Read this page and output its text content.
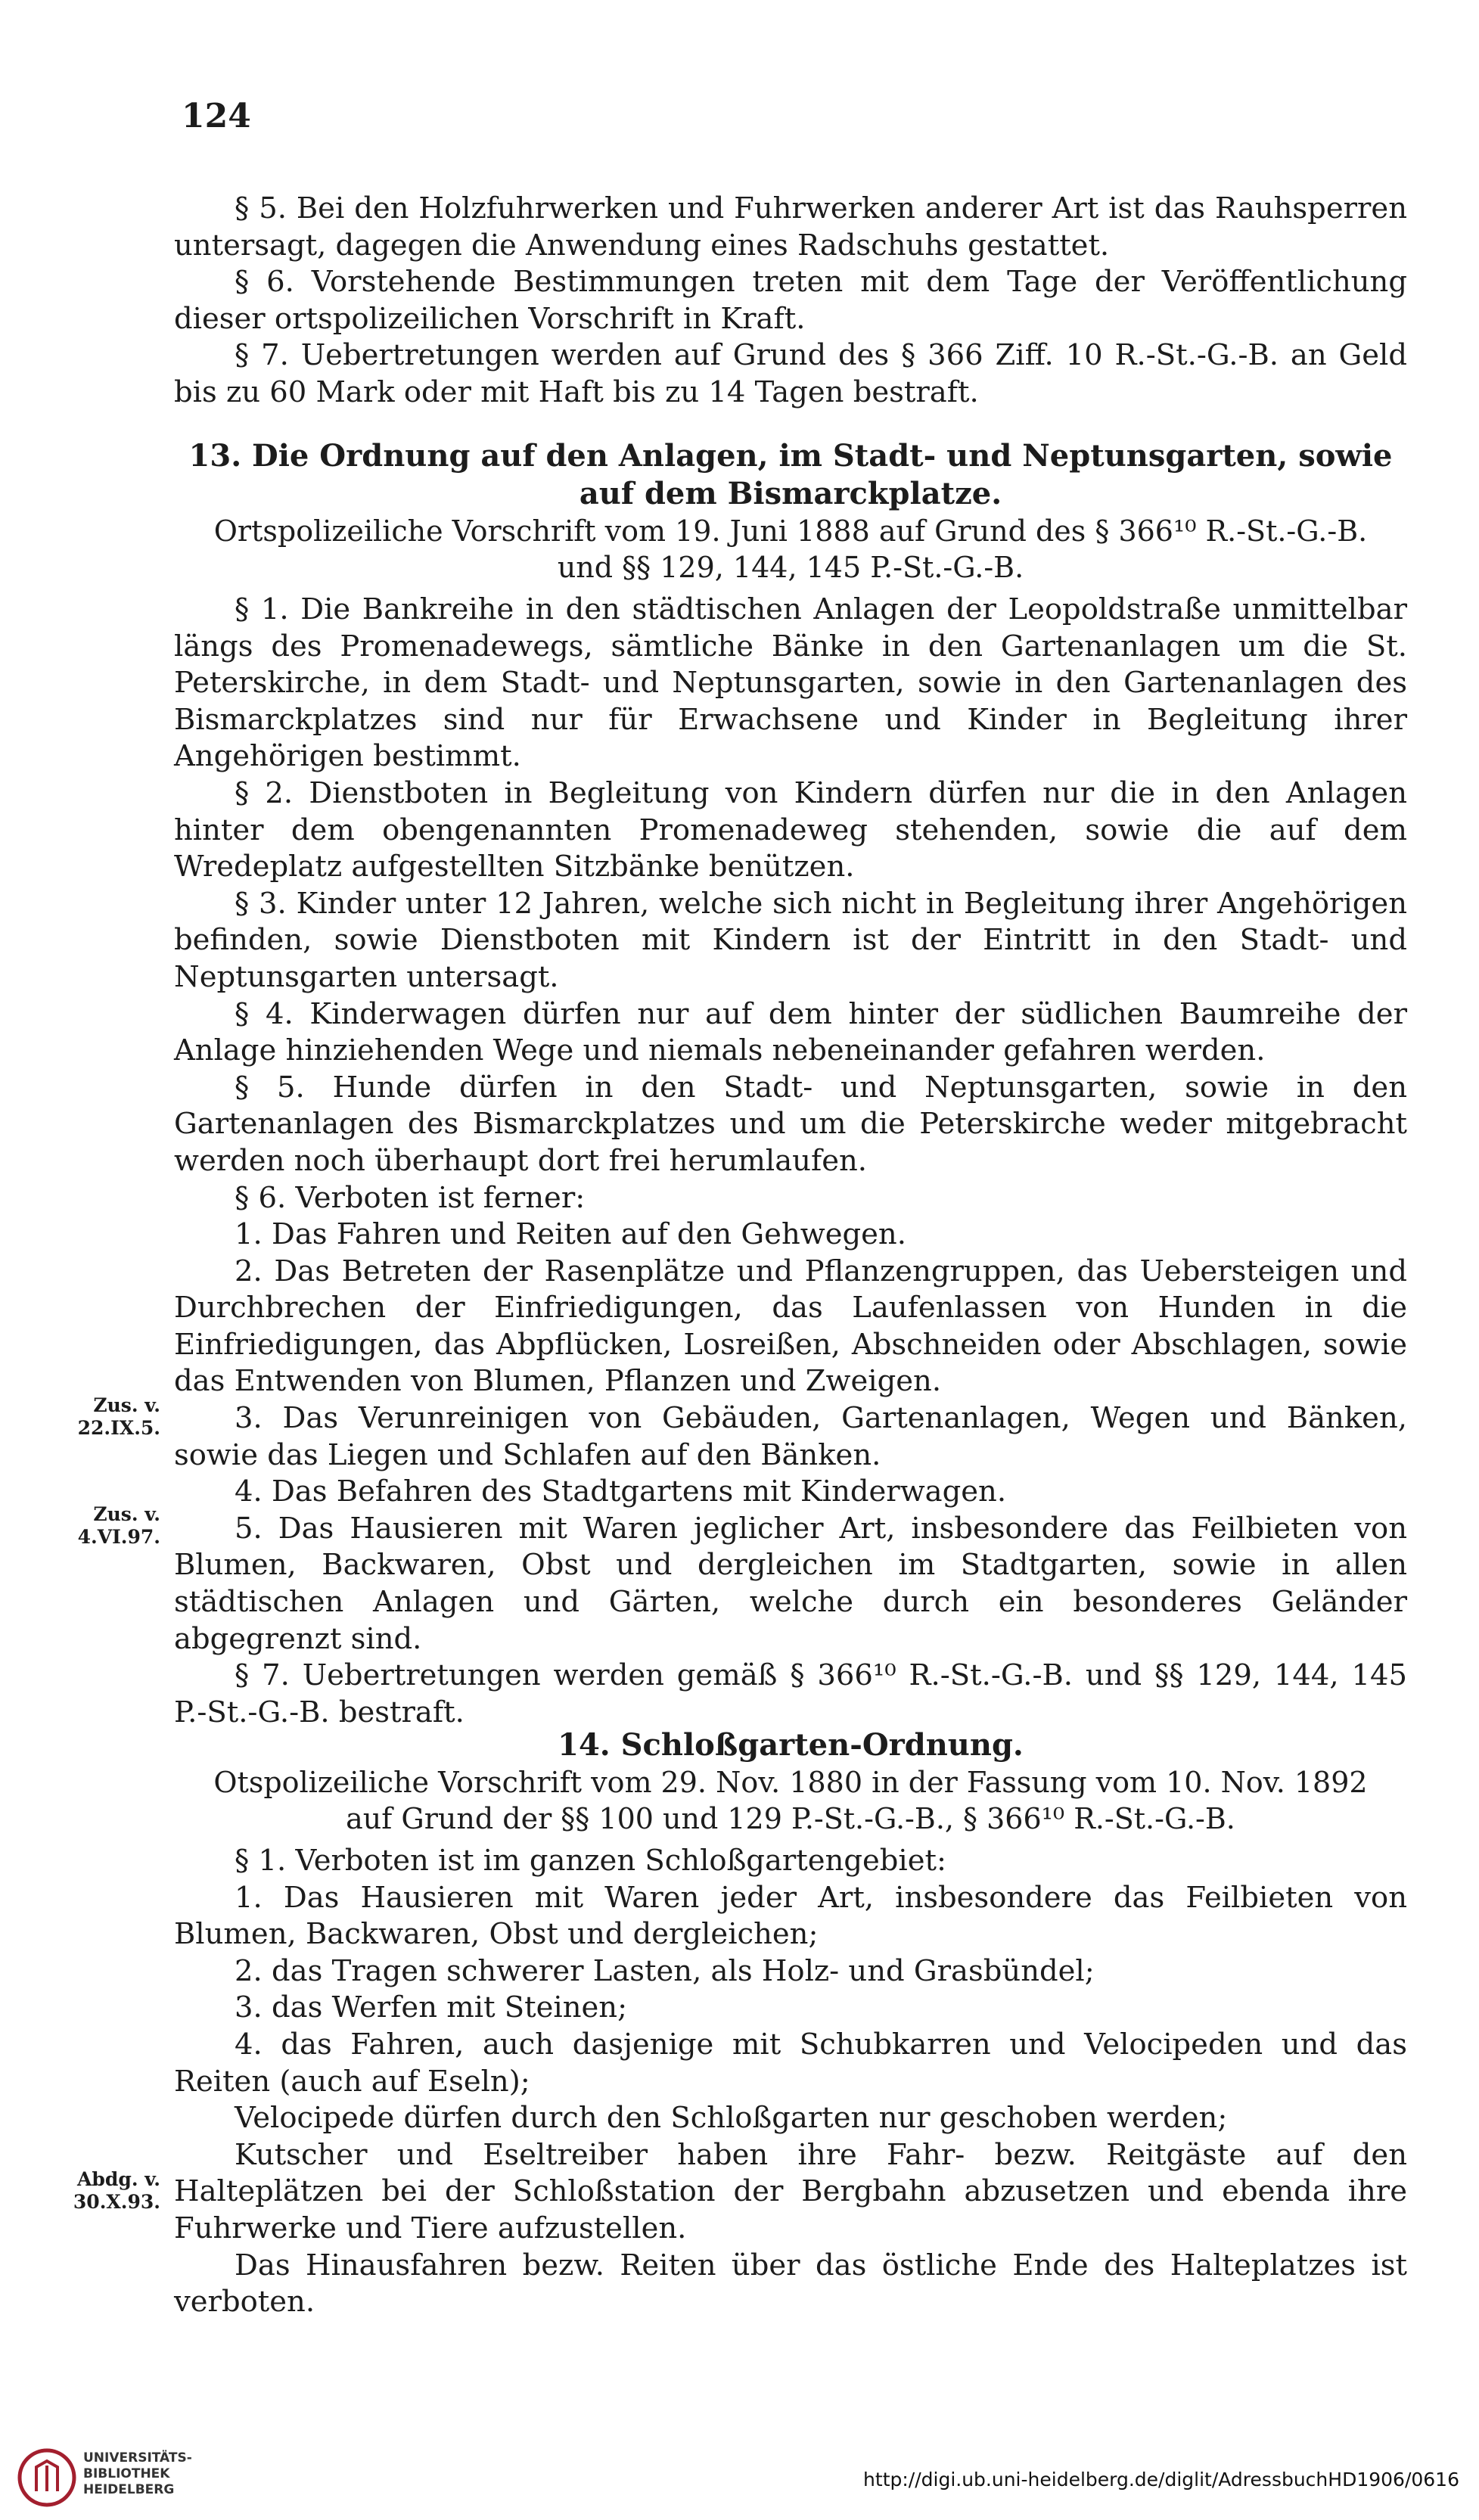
124

§ 5. Bei den Holzfuhrwerken und Fuhrwerken anderer Art ist das Rauhsperren untersagt, dagegen die Anwendung eines Radschuhs gestattet.

§ 6. Vorstehende Bestimmungen treten mit dem Tage der Veröffentlichung dieser ortspolizeilichen Vorschrift in Kraft.

§ 7. Uebertretungen werden auf Grund des § 366 Ziff. 10 R.-St.-G.-B. an Geld bis zu 60 Mark oder mit Haft bis zu 14 Tagen bestraft.

13. Die Ordnung auf den Anlagen, im Stadt- und Neptunsgarten, sowie auf dem Bismarckplatze.

Ortspolizeiliche Vorschrift vom 19. Juni 1888 auf Grund des § 366¹⁰ R.-St.-G.-B.

und §§ 129, 144, 145 P.-St.-G.-B.

§ 1. Die Bankreihe in den städtischen Anlagen der Leopoldstraße unmittelbar längs des Promenadewegs, sämtliche Bänke in den Gartenanlagen um die St. Peterskirche, in dem Stadt- und Neptunsgarten, sowie in den Gartenanlagen des Bismarckplatzes sind nur für Erwachsene und Kinder in Begleitung ihrer Angehörigen bestimmt.

§ 2. Dienstboten in Begleitung von Kindern dürfen nur die in den Anlagen hinter dem obengenannten Promenadeweg stehenden, sowie die auf dem Wredeplatz aufgestellten Sitzbänke benützen.

§ 3. Kinder unter 12 Jahren, welche sich nicht in Begleitung ihrer Angehörigen befinden, sowie Dienstboten mit Kindern ist der Eintritt in den Stadt- und Neptunsgarten untersagt.

§ 4. Kinderwagen dürfen nur auf dem hinter der südlichen Baumreihe der Anlage hinziehenden Wege und niemals nebeneinander gefahren werden.

§ 5. Hunde dürfen in den Stadt- und Neptunsgarten, sowie in den Gartenanlagen des Bismarckplatzes und um die Peterskirche weder mitgebracht werden noch überhaupt dort frei herumlaufen.

§ 6. Verboten ist ferner:

1. Das Fahren und Reiten auf den Gehwegen.

2. Das Betreten der Rasenplätze und Pflanzengruppen, das Uebersteigen und Durchbrechen der Einfriedigungen, das Laufenlassen von Hunden in die Einfriedigungen, das Abpflücken, Losreißen, Abschneiden oder Abschlagen, sowie das Entwenden von Blumen, Pflanzen und Zweigen.

3. Das Verunreinigen von Gebäuden, Gartenanlagen, Wegen und Bänken, sowie das Liegen und Schlafen auf den Bänken.

4. Das Befahren des Stadtgartens mit Kinderwagen.

5. Das Hausieren mit Waren jeglicher Art, insbesondere das Feilbieten von Blumen, Backwaren, Obst und dergleichen im Stadtgarten, sowie in allen städtischen Anlagen und Gärten, welche durch ein besonderes Geländer abgegrenzt sind.

§ 7. Uebertretungen werden gemäß § 366¹⁰ R.-St.-G.-B. und §§ 129, 144, 145 P.-St.-G.-B. bestraft.

Zus. v.
22.IX.5.
Zus. v.
4.VI.97.

14. Schloßgarten-Ordnung.

Otspolizeiliche Vorschrift vom 29. Nov. 1880 in der Fassung vom 10. Nov. 1892

auf Grund der §§ 100 und 129 P.-St.-G.-B., § 366¹⁰ R.-St.-G.-B.

§ 1. Verboten ist im ganzen Schloßgartengebiet:

1. Das Hausieren mit Waren jeder Art, insbesondere das Feilbieten von Blumen, Backwaren, Obst und dergleichen;

2. das Tragen schwerer Lasten, als Holz- und Grasbündel;

3. das Werfen mit Steinen;

4. das Fahren, auch dasjenige mit Schubkarren und Velocipeden und das Reiten (auch auf Eseln);

Velocipede dürfen durch den Schloßgarten nur geschoben werden;

Kutscher und Eseltreiber haben ihre Fahr- bezw. Reitgäste auf den Halteplätzen bei der Schloßstation der Bergbahn abzusetzen und ebenda ihre Fuhrwerke und Tiere aufzustellen.

Das Hinausfahren bezw. Reiten über das östliche Ende des Halteplatzes ist verboten.

Abdg. v.
30.X.93.
UNIVERSITÄTS-
BIBLIOTHEK
HEIDELBERG	http://digi.ub.uni-heidelberg.de/diglit/AdressbuchHD1906/0616
